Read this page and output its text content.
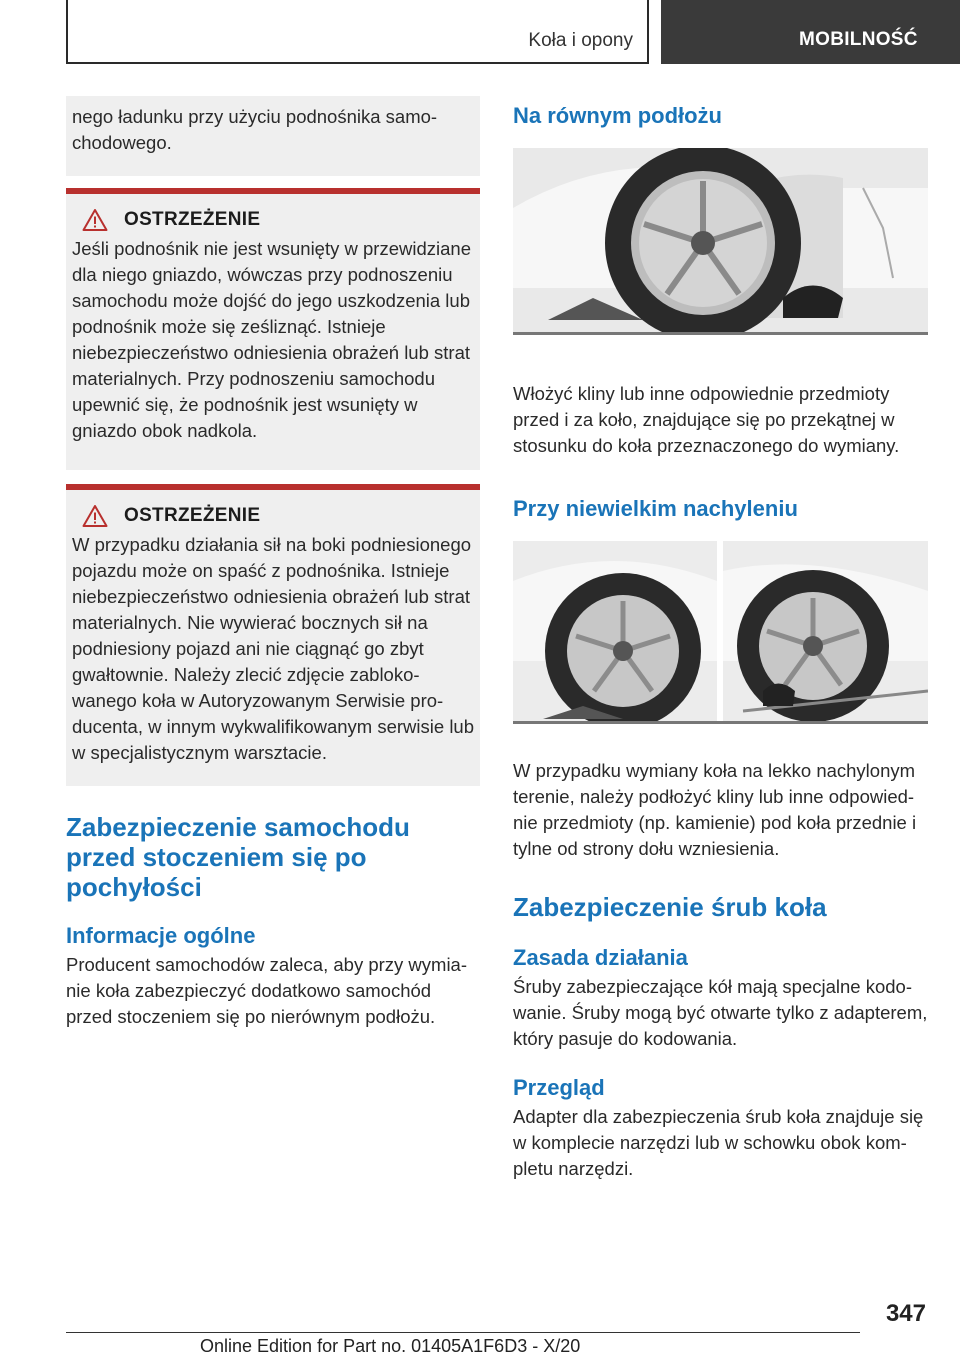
Koła i opony	MOBILNOŚĆ

nego ładunku przy użyciu podnośnika samochodowego.

OSTRZEŻENIE

Jeśli podnośnik nie jest wsunięty w przewidziane dla niego gniazdo, wówczas przy podnoszeniu samochodu może dojść do jego uszkodzenia lub podnośnik może się ześliznąć. Istnieje niebezpieczeństwo odniesienia obrażeń lub strat materialnych. Przy podnoszeniu samochodu upewnić się, że podnośnik jest wsunięty w gniazdo obok nadkola.

OSTRZEŻENIE

W przypadku działania sił na boki podniesionego pojazdu może on spaść z podnośnika. Istnieje niebezpieczeństwo odniesienia obrażeń lub strat materialnych. Nie wywierać bocznych sił na podniesiony pojazd ani nie ciągnąć go zbyt gwałtownie. Należy zlecić zdjęcie zablokowanego koła w Autoryzowanym Serwisie producenta, w innym wykwalifikowanym serwisie lub w specjalistycznym warsztacie.

Zabezpieczenie samochodu przed stoczeniem się po pochyłości
Informacje ogólne

Producent samochodów zaleca, aby przy wymianie koła zabezpieczyć dodatkowo samochód przed stoczeniem się po nierównym podłożu.

Na równym podłożu

Włożyć kliny lub inne odpowiednie przedmioty przed i za koło, znajdujące się po przekątnej w stosunku do koła przeznaczonego do wymiany.

Przy niewielkim nachyleniu

W przypadku wymiany koła na lekko nachylonym terenie, należy podłożyć kliny lub inne odpowiednie przedmioty (np. kamienie) pod koła przednie i tylne od strony dołu wzniesienia.

Zabezpieczenie śrub koła
Zasada działania

Śruby zabezpieczające kół mają specjalne kodowanie. Śruby mogą być otwarte tylko z adapterem, który pasuje do kodowania.

Przegląd

Adapter dla zabezpieczenia śrub koła znajduje się w komplecie narzędzi lub w schowku obok kompletu narzędzi.

347
Online Edition for Part no. 01405A1F6D3 - X/20
